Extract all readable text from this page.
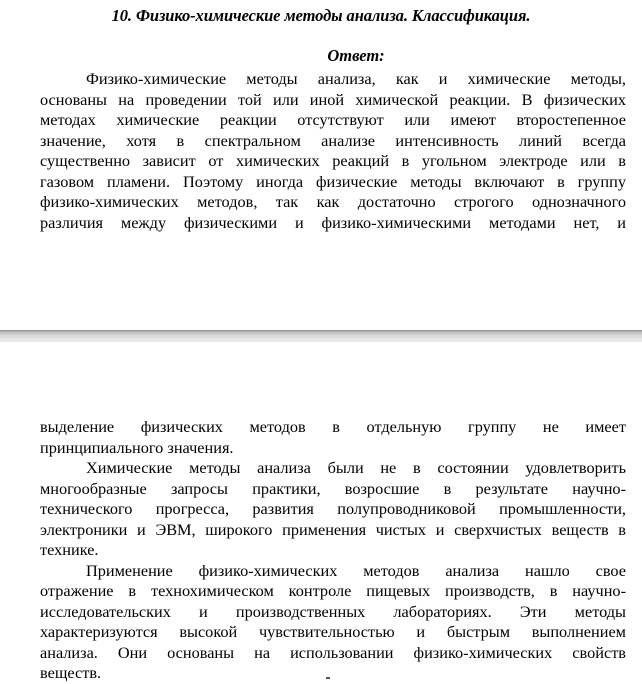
10. Физико-химические методы анализа. Классификация.
Ответ:
Физико-химические методы анализа, как и химические методы,
основаны на проведении той или иной химической реакции. В физических
методах химические реакции отсутствуют или имеют второстепенное
значение, хотя в спектральном анализе интенсивность линий всегда
существенно зависит от химических реакций в угольном электроде или в
газовом пламени. Поэтому иногда физические методы включают в группу
физико-химических методов, так как достаточно строгого однозначного
различия между физическими и физико-химическими методами нет, и
выделение физических методов в отдельную группу не имеет
принципиального значения.
Химические методы анализа были не в состоянии удовлетворить
многообразные запросы практики, возросшие в результате научно-
технического прогресса, развития полупроводниковой промышленности,
электроники и ЭВМ, широкого применения чистых и сверхчистых веществ в
технике.
Применение физико-химических методов анализа нашло свое
отражение в технохимическом контроле пищевых производств, в научно-
исследовательских и производственных лабораториях. Эти методы
характеризуются высокой чувствительностью и быстрым выполнением
анализа. Они основаны на использовании физико-химических свойств
веществ.
